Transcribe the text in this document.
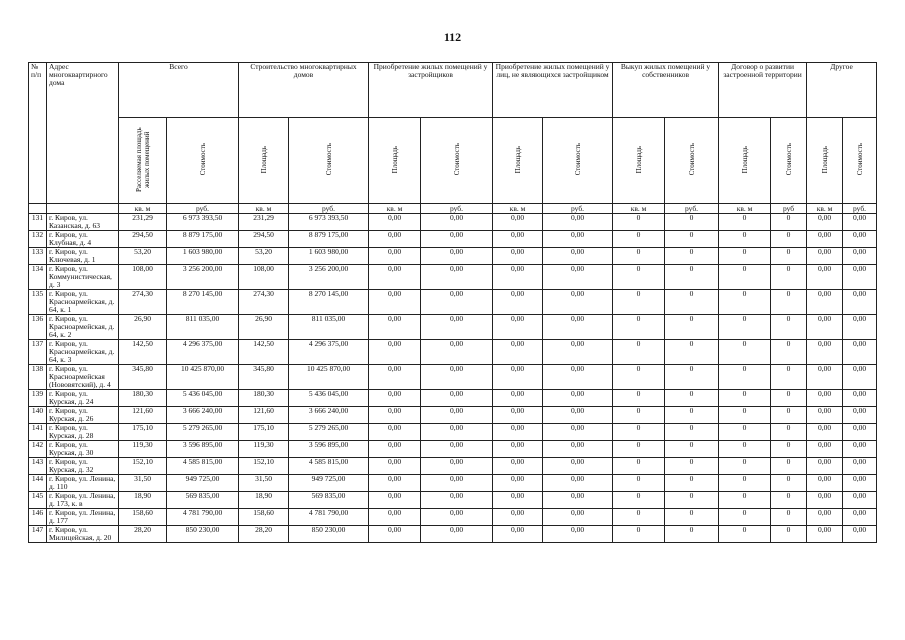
112
№ п/п	Адрес многоквартирного дома	Всего		Строительство многоквартирных домов		Приобретение жилых помещений у застройщиков		Приобретение жилых помещений у лиц, не являющихся застройщиком		Выкуп жилых помещений у собственников		Договор о развитии застроенной территории		Другое	
		Расселяемая площадь жилых помещений	Стоимость	Площадь	Стоимость	Площадь	Стоимость	Площадь	Стоимость	Площадь	Стоимость	Площадь	Стоимость	Площадь	Стоимость
		кв. м	руб.	кв. м	руб.	кв. м	руб.	кв. м	руб.	кв. м	руб.	кв. м	руб	кв. м	руб.
131	г. Киров, ул. Казанская, д. 63	231,29	6 973 393,50	231,29	6 973 393,50	0,00	0,00	0,00	0,00	0	0	0	0	0,00	0,00
132	г. Киров, ул. Клубная, д. 4	294,50	8 879 175,00	294,50	8 879 175,00	0,00	0,00	0,00	0,00	0	0	0	0	0,00	0,00
133	г. Киров, ул. Ключевая, д. 1	53,20	1 603 980,00	53,20	1 603 980,00	0,00	0,00	0,00	0,00	0	0	0	0	0,00	0,00
134	г. Киров, ул. Коммунистическая, д. 3	108,00	3 256 200,00	108,00	3 256 200,00	0,00	0,00	0,00	0,00	0	0	0	0	0,00	0,00
135	г. Киров, ул. Красноармейская, д. 64, к. 1	274,30	8 270 145,00	274,30	8 270 145,00	0,00	0,00	0,00	0,00	0	0	0	0	0,00	0,00
136	г. Киров, ул. Красноармейская, д. 64, к. 2	26,90	811 035,00	26,90	811 035,00	0,00	0,00	0,00	0,00	0	0	0	0	0,00	0,00
137	г. Киров, ул. Красноармейская, д. 64, к. 3	142,50	4 296 375,00	142,50	4 296 375,00	0,00	0,00	0,00	0,00	0	0	0	0	0,00	0,00
138	г. Киров, ул. Красноармейская (Нововятский), д. 4	345,80	10 425 870,00	345,80	10 425 870,00	0,00	0,00	0,00	0,00	0	0	0	0	0,00	0,00
139	г. Киров, ул. Курская, д. 24	180,30	5 436 045,00	180,30	5 436 045,00	0,00	0,00	0,00	0,00	0	0	0	0	0,00	0,00
140	г. Киров, ул. Курская, д. 26	121,60	3 666 240,00	121,60	3 666 240,00	0,00	0,00	0,00	0,00	0	0	0	0	0,00	0,00
141	г. Киров, ул. Курская, д. 28	175,10	5 279 265,00	175,10	5 279 265,00	0,00	0,00	0,00	0,00	0	0	0	0	0,00	0,00
142	г. Киров, ул. Курская, д. 30	119,30	3 596 895,00	119,30	3 596 895,00	0,00	0,00	0,00	0,00	0	0	0	0	0,00	0,00
143	г. Киров, ул. Курская, д. 32	152,10	4 585 815,00	152,10	4 585 815,00	0,00	0,00	0,00	0,00	0	0	0	0	0,00	0,00
144	г. Киров, ул. Ленина, д. 110	31,50	949 725,00	31,50	949 725,00	0,00	0,00	0,00	0,00	0	0	0	0	0,00	0,00
145	г. Киров, ул. Ленина, д. 173, к. в	18,90	569 835,00	18,90	569 835,00	0,00	0,00	0,00	0,00	0	0	0	0	0,00	0,00
146	г. Киров, ул. Ленина, д. 177	158,60	4 781 790,00	158,60	4 781 790,00	0,00	0,00	0,00	0,00	0	0	0	0	0,00	0,00
147	г. Киров, ул. Милицейская, д. 20	28,20	850 230,00	28,20	850 230,00	0,00	0,00	0,00	0,00	0	0	0	0	0,00	0,00
